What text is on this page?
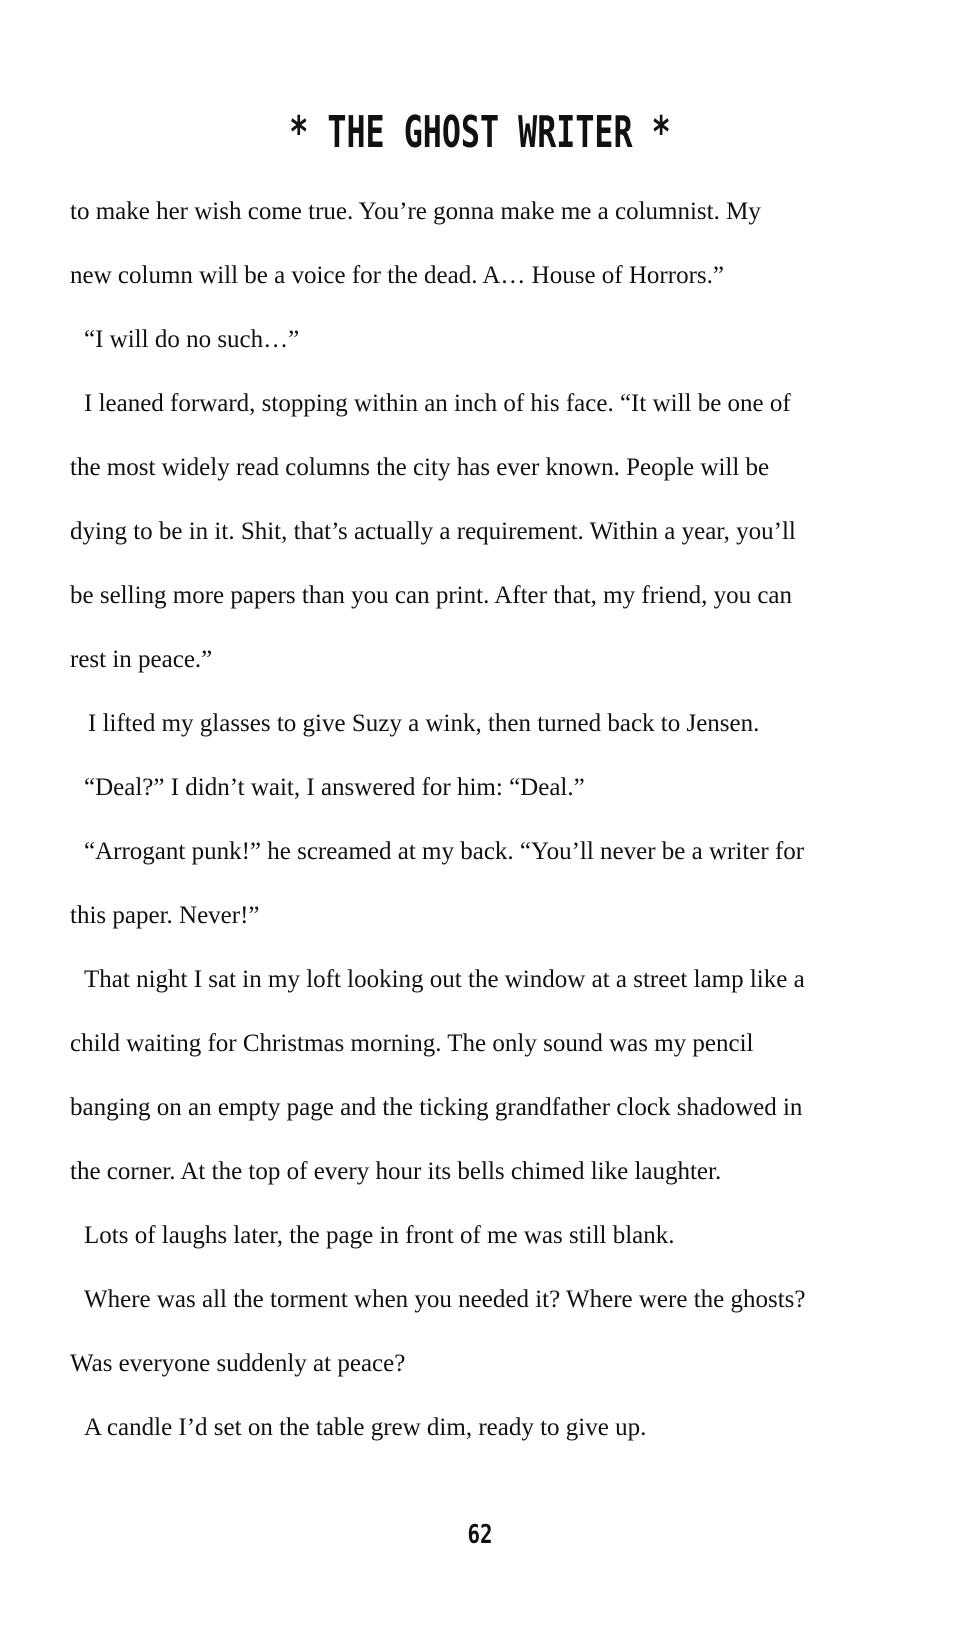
* THE GHOST WRITER *
to make her wish come true. You’re gonna make me a columnist. My
new column will be a voice for the dead. A… House of Horrors.”
“I will do no such…”
I leaned forward, stopping within an inch of his face. “It will be one of
the most widely read columns the city has ever known. People will be
dying to be in it. Shit, that’s actually a requirement. Within a year, you’ll
be selling more papers than you can print. After that, my friend, you can
rest in peace.”
I lifted my glasses to give Suzy a wink, then turned back to Jensen.
“Deal?” I didn’t wait, I answered for him: “Deal.”
“Arrogant punk!” he screamed at my back. “You’ll never be a writer for
this paper. Never!”
That night I sat in my loft looking out the window at a street lamp like a
child waiting for Christmas morning. The only sound was my pencil
banging on an empty page and the ticking grandfather clock shadowed in
the corner. At the top of every hour its bells chimed like laughter.
Lots of laughs later, the page in front of me was still blank.
Where was all the torment when you needed it? Where were the ghosts?
Was everyone suddenly at peace?
A candle I’d set on the table grew dim, ready to give up.
62
